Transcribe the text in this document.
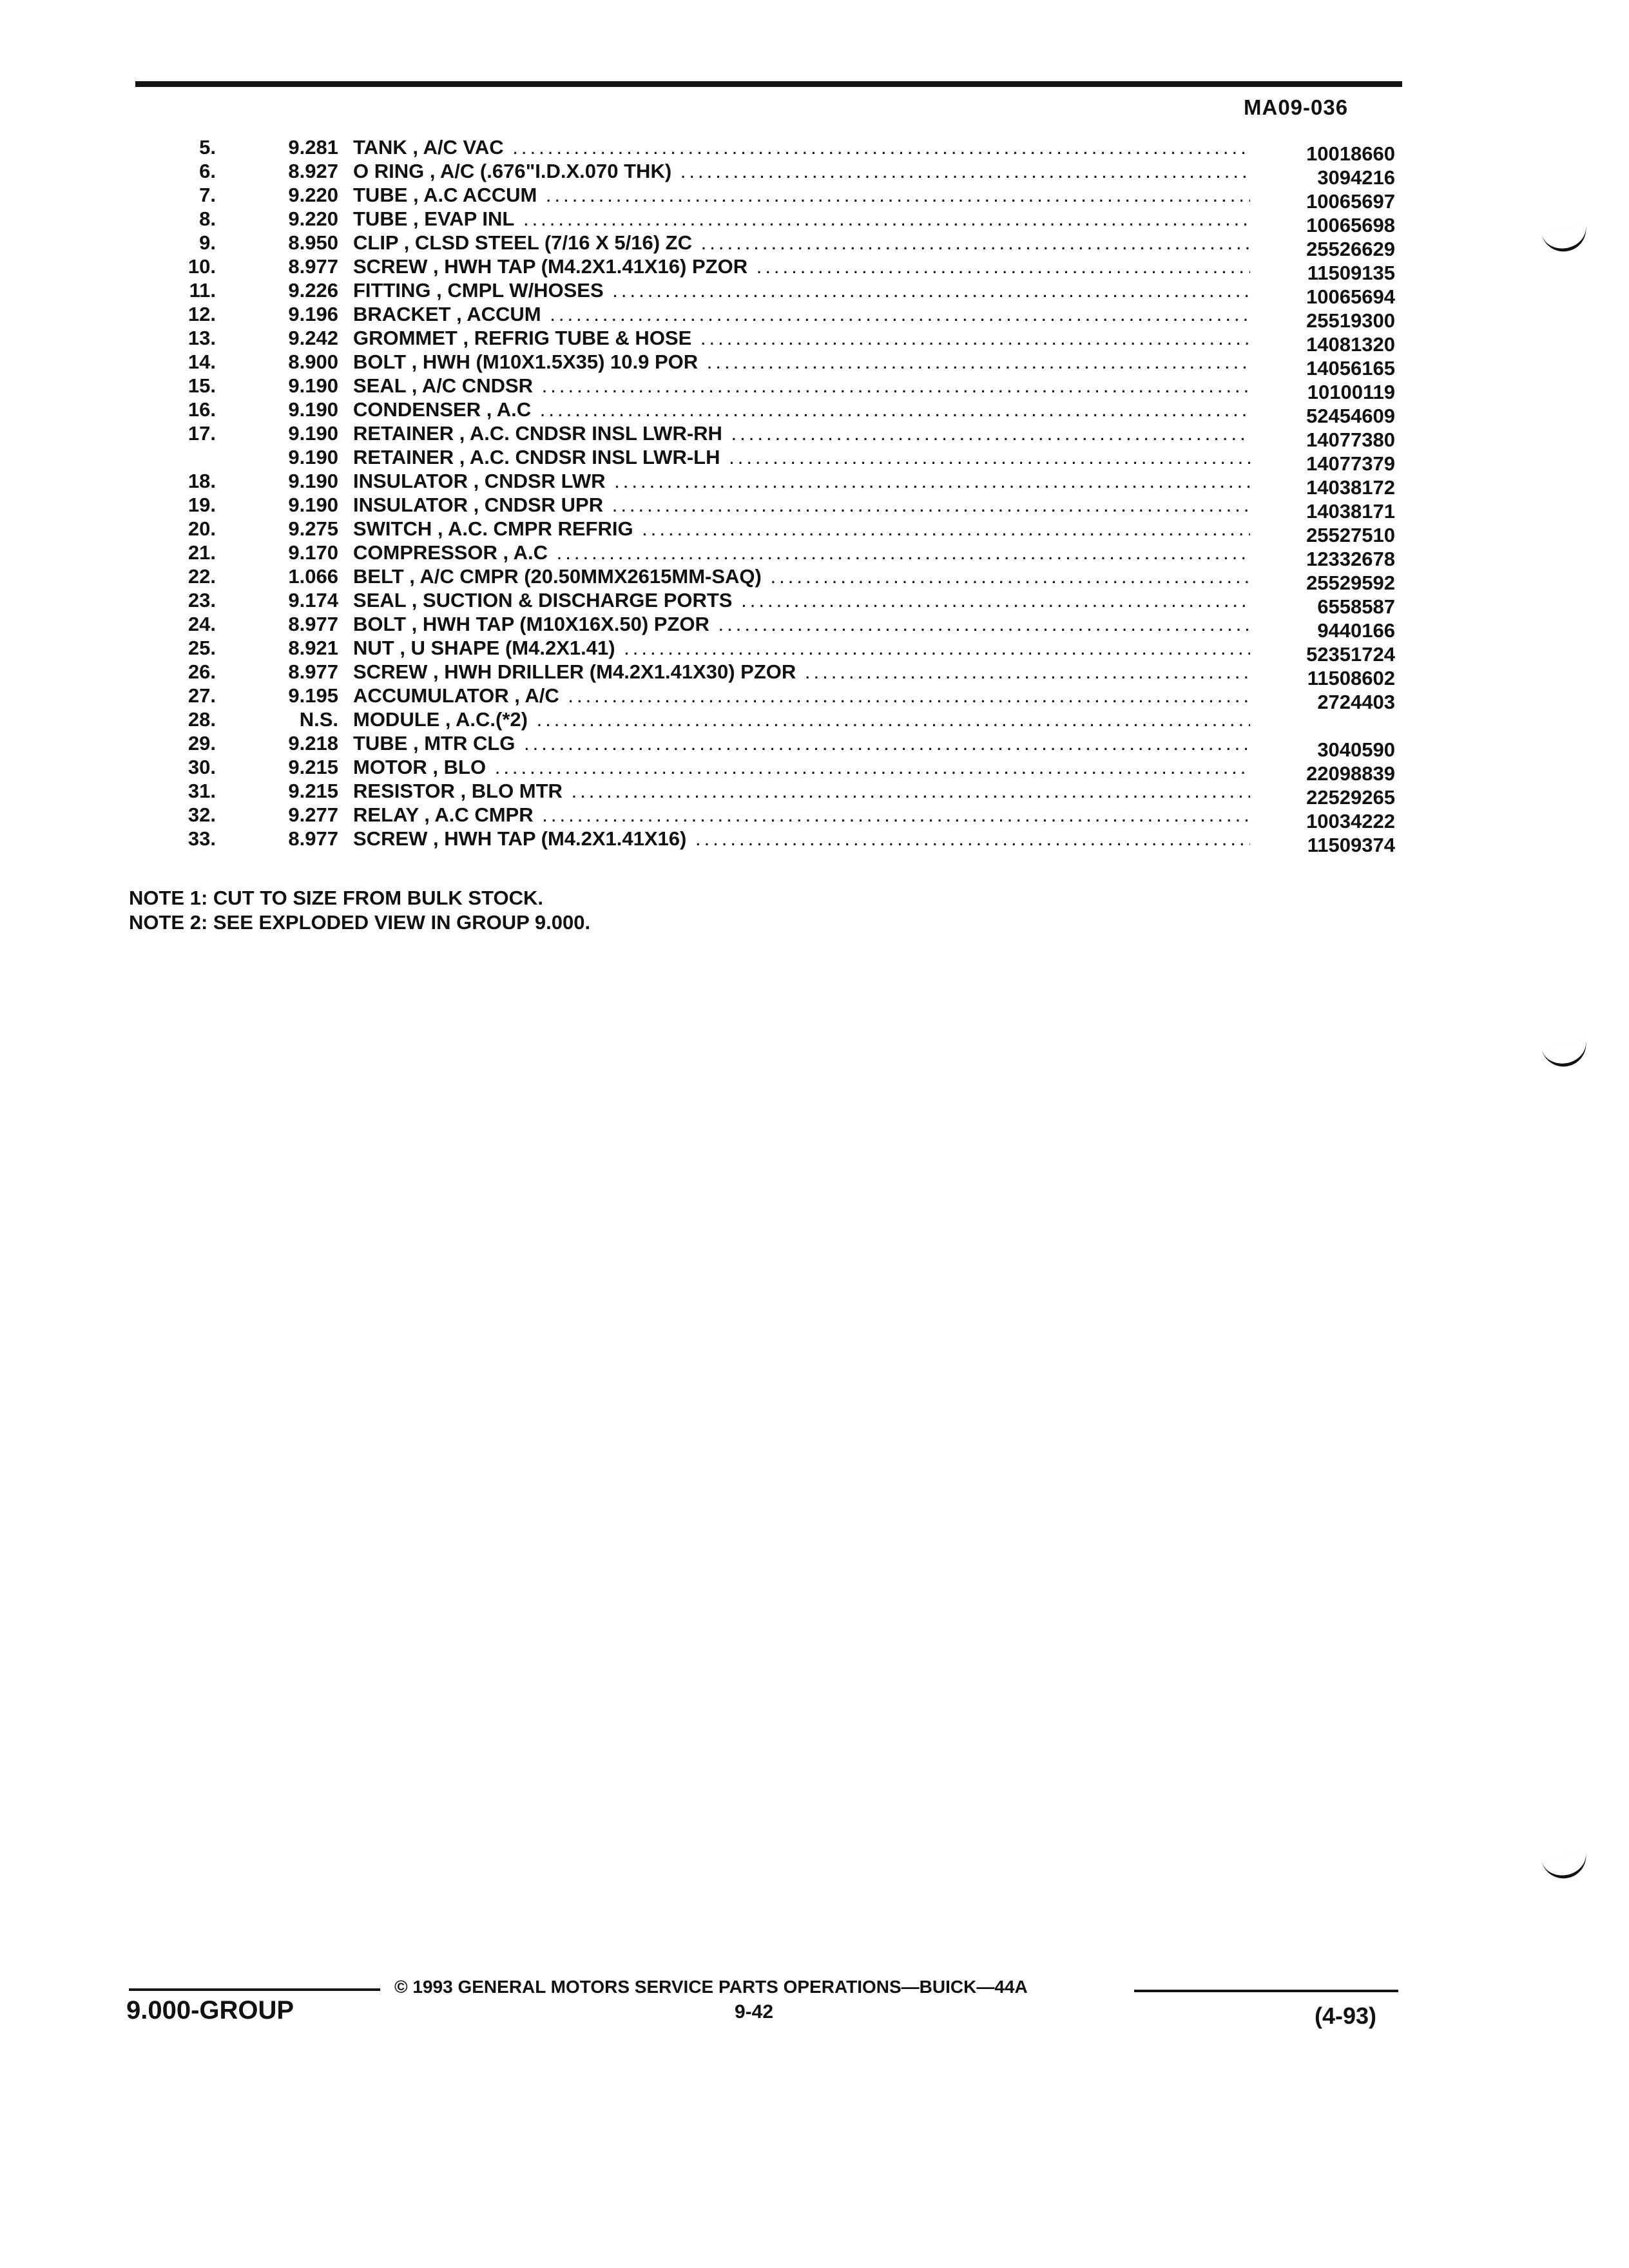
MA09-036
5.	9.281 TANK , A/C VAC .....	10018660
6.	8.927 O RING , A/C (.676"I.D.X.070 THK) .....	3094216
7.	9.220 TUBE , A.C ACCUM .....	10065697
8.	9.220 TUBE , EVAP INL .....	10065698
9.	8.950 CLIP , CLSD STEEL (7/16 X 5/16) ZC .....	25526629
10.	8.977 SCREW , HWH TAP (M4.2X1.41X16) PZOR .....	11509135
11.	9.226 FITTING , CMPL W/HOSES .....	10065694
12.	9.196 BRACKET , ACCUM .....	25519300
13.	9.242 GROMMET , REFRIG TUBE & HOSE .....	14081320
14.	8.900 BOLT , HWH (M10X1.5X35) 10.9 POR .....	14056165
15.	9.190 SEAL , A/C CNDSR .....	10100119
16.	9.190 CONDENSER , A.C .....	52454609
17.	9.190 RETAINER , A.C. CNDSR INSL LWR-RH .....	14077380
9.190 RETAINER , A.C. CNDSR INSL LWR-LH .....	14077379
18.	9.190 INSULATOR , CNDSR LWR .....	14038172
19.	9.190 INSULATOR , CNDSR UPR .....	14038171
20.	9.275 SWITCH , A.C. CMPR REFRIG .....	25527510
21.	9.170 COMPRESSOR , A.C .....	12332678
22.	1.066 BELT , A/C CMPR (20.50MMX2615MM-SAQ) .....	25529592
23.	9.174 SEAL , SUCTION & DISCHARGE PORTS .....	6558587
24.	8.977 BOLT , HWH TAP (M10X16X.50) PZOR .....	9440166
25.	8.921 NUT , U SHAPE (M4.2X1.41) .....	52351724
26.	8.977 SCREW , HWH DRILLER (M4.2X1.41X30) PZOR .....	11508602
27.	9.195 ACCUMULATOR , A/C .....	2724403
28.	N.S. MODULE , A.C.(*2) .....
29.	9.218 TUBE , MTR CLG .....	3040590
30.	9.215 MOTOR , BLO .....	22098839
31.	9.215 RESISTOR , BLO MTR .....	22529265
32.	9.277 RELAY , A.C CMPR .....	10034222
33.	8.977 SCREW , HWH TAP (M4.2X1.41X16) .....	11509374
NOTE 1: CUT TO SIZE FROM BULK STOCK.
NOTE 2: SEE EXPLODED VIEW IN GROUP 9.000.
© 1993 GENERAL MOTORS SERVICE PARTS OPERATIONS—BUICK—44A
9.000-GROUP	9-42	(4-93)
